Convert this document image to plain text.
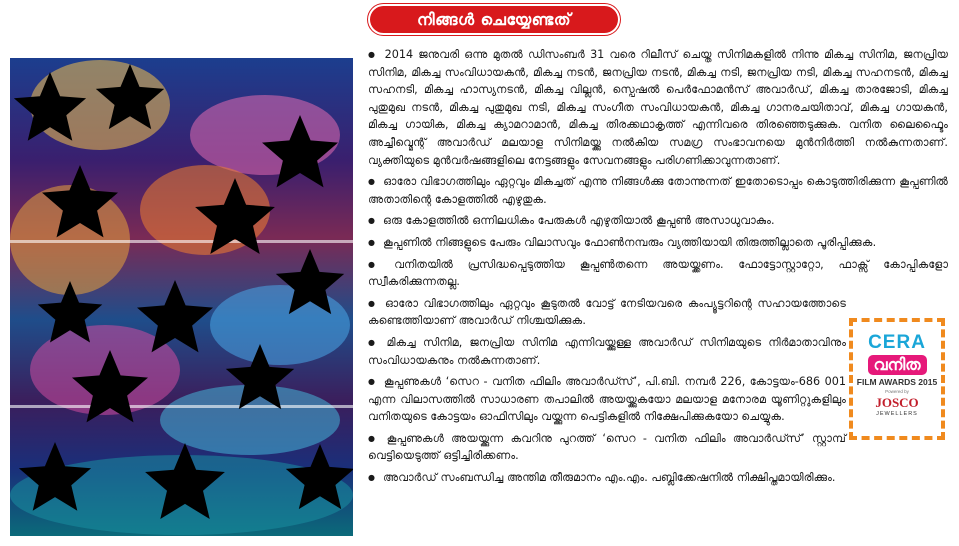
നിങ്ങൾ ചെയ്യേണ്ടത്
● 2014 ജനുവരി ഒന്നു മുതൽ ഡിസംബർ 31 വരെ റിലീസ് ചെയ്ത സിനിമകളിൽ നിന്നു മികച്ച സിനിമ, ജനപ്രിയ സിനിമ, മികച്ച സംവിധായകൻ, മികച്ച നടൻ, ജനപ്രിയ നടൻ, മികച്ച നടി, ജനപ്രിയ നടി, മികച്ച സഹനടൻ, മികച്ച സഹനടി, മികച്ച ഹാസ്യനടൻ, മികച്ച വില്ലൻ, സ്പെഷൽ പെർഫോമൻസ് അവാർഡ്, മികച്ച താരജോടി, മികച്ച പുതുമുഖ നടൻ, മികച്ച പുതുമുഖ നടി, മികച്ച സംഗീത സംവിധായകൻ, മികച്ച ഗാനരചയിതാവ്, മികച്ച ഗായകൻ, മികച്ച ഗായിക, മികച്ച ക്യാമറാമാൻ, മികച്ച തിരക്കഥാകൃത്ത് എന്നിവരെ തിരഞ്ഞെടുക്കുക. വനിത ലൈഫ്ടൈം അച്ചീവ്മെന്റ് അവാർഡ് മലയാള സിനിമയ്ക്കു നൽകിയ സമഗ്ര സംഭാവനയെ മുൻനിർത്തി നൽകുന്നതാണ്. വ്യക്തിയുടെ മുൻവർഷങ്ങളിലെ നേട്ടങ്ങളും സേവനങ്ങളും പരിഗണിക്കാവുന്നതാണ്.
● ഓരോ വിഭാഗത്തിലും ഏറ്റവും മികച്ചത് എന്നു നിങ്ങൾക്കു തോന്നുന്നത് ഇതോടൊപ്പം കൊടുത്തിരിക്കുന്ന കൂപ്പണിൽ അതാതിന്റെ കോളത്തിൽ എഴുതുക.
● ഒരു കോളത്തിൽ ഒന്നിലധികം പേരുകൾ എഴുതിയാൽ കൂപ്പൺ അസാധുവാകും.
● കൂപ്പണിൽ നിങ്ങളുടെ പേരും വിലാസവും ഫോൺനമ്പരും വ്യത്തിയായി തിരുത്തില്ലാതെ പൂരിപ്പിക്കുക.
● വനിതയിൽ പ്രസിദ്ധപ്പെടുത്തിയ കൂപ്പൺതന്നെ അയയ്ക്കണം. ഫോട്ടോസ്റ്റാറ്റോ, ഫാക്സ് കോപ്പികളോ സ്വീകരിക്കുന്നതല്ല.
● ഓരോ വിഭാഗത്തിലും ഏറ്റവും കൂടുതൽ വോട്ട് നേടിയവരെ കംപ്യൂട്ടറിന്റെ സഹായത്തോടെ കണ്ടെത്തിയാണ് അവാർഡ് നിശ്ചയിക്കുക.
● മികച്ച സിനിമ, ജനപ്രിയ സിനിമ എന്നിവയ്ക്കുള്ള അവാർഡ് സിനിമയുടെ നിർമാതാവിനും സംവിധായകനും നൽകുന്നതാണ്.
● കൂപ്പണുകൾ ‘സെറ - വനിത ഫിലിം അവാർഡ്സ്’, പി.ബി. നമ്പർ 226, കോട്ടയം-686 001 എന്ന വിലാസത്തിൽ സാധാരണ തപാലിൽ അയയ്ക്കുകയോ മലയാള മനോരമ യൂണിറ്റുകളിലും വനിതയുടെ കോട്ടയം ഓഫിസിലും വയ്ക്കുന്ന പെട്ടികളിൽ നിക്ഷേപിക്കുകയോ ചെയ്യുക.
● കൂപ്പണുകൾ അയയ്ക്കുന്ന കവറിനു പുറത്ത് ‘സെറ - വനിത ഫിലിം അവാർഡ്സ്’ സ്റ്റാമ്പ് വെട്ടിയെടുത്ത് ഒട്ടിച്ചിരിക്കണം.
● അവാർഡ് സംബന്ധിച്ച അന്തിമ തീരുമാനം എം.എം. പബ്ലിക്കേഷനിൽ നിക്ഷിപ്തമായിരിക്കും.
CERA
വനിത
FILM AWARDS 2015
Powered by
JOSCO
JEWELLERS
